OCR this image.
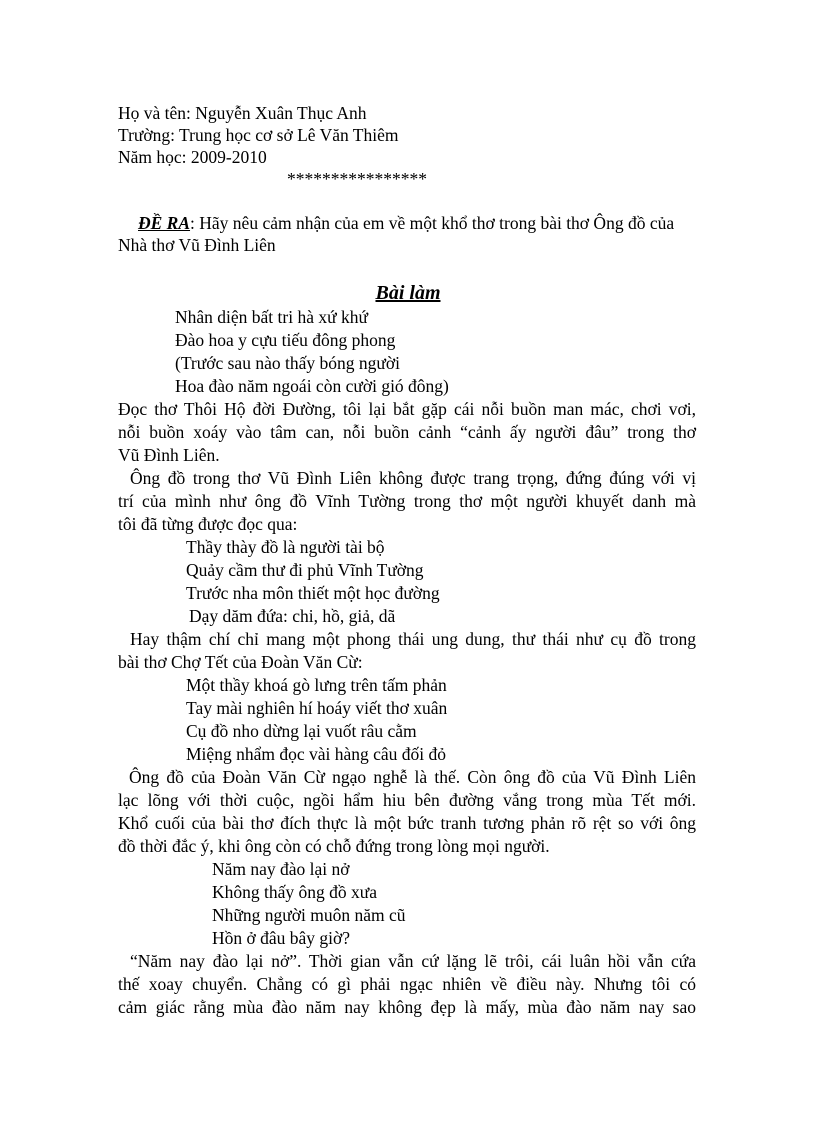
Họ và tên: Nguyễn Xuân Thục Anh
Trường: Trung học cơ sở Lê Văn Thiêm
Năm học: 2009-2010
****************
ĐỀ RA: Hãy nêu cảm nhận của em về một khổ thơ trong bài thơ Ông đồ của
Nhà thơ Vũ Đình Liên
Bài làm
Nhân diện bất tri hà xứ khứ
Đào hoa y cựu tiếu đông phong
(Trước sau nào thấy bóng người
Hoa đào năm ngoái còn cười gió đông)
Đọc thơ Thôi Hộ đời Đường, tôi lại bắt gặp cái nỗi buồn man mác, chơi vơi,
nỗi buồn xoáy vào tâm can, nỗi buồn cảnh “cảnh ấy người đâu” trong thơ
Vũ Đình Liên.
Ông đồ trong thơ Vũ Đình Liên không được trang trọng, đứng đúng với vị
trí của mình như ông đồ Vĩnh Tường trong thơ một người khuyết danh mà
tôi đã từng được đọc qua:
Thầy thày đồ là người tài bộ
Quảy cầm thư đi phủ Vĩnh Tường
Trước nha môn thiết một học đường
Dạy dăm đứa: chi, hồ, giả, dã
Hay thậm chí chỉ mang một phong thái ung dung, thư thái như cụ đồ trong
bài thơ Chợ Tết của Đoàn Văn Cừ:
Một thầy khoá gò lưng trên tấm phản
Tay mài nghiên hí hoáy viết thơ xuân
Cụ đồ nho dừng lại vuốt râu cằm
Miệng nhẩm đọc vài hàng câu đối đỏ
Ông đồ của Đoàn Văn Cừ ngạo nghễ là thế. Còn ông đồ của Vũ Đình Liên
lạc lõng với thời cuộc, ngồi hẩm hiu bên đường vắng trong mùa Tết mới.
Khổ cuối của bài thơ đích thực là một bức tranh tương phản rõ rệt so với ông
đồ thời đắc ý, khi ông còn có chỗ đứng trong lòng mọi người.
Năm nay đào lại nở
Không thấy ông đồ xưa
Những người muôn năm cũ
Hồn ở đâu bây giờ?
“Năm nay đào lại nở”. Thời gian vẫn cứ lặng lẽ trôi, cái luân hồi vẫn cứa
thế xoay chuyển. Chẳng có gì phải ngạc nhiên về điều này. Nhưng tôi có
cảm giác rằng mùa đào năm nay không đẹp là mấy, mùa đào năm nay sao
